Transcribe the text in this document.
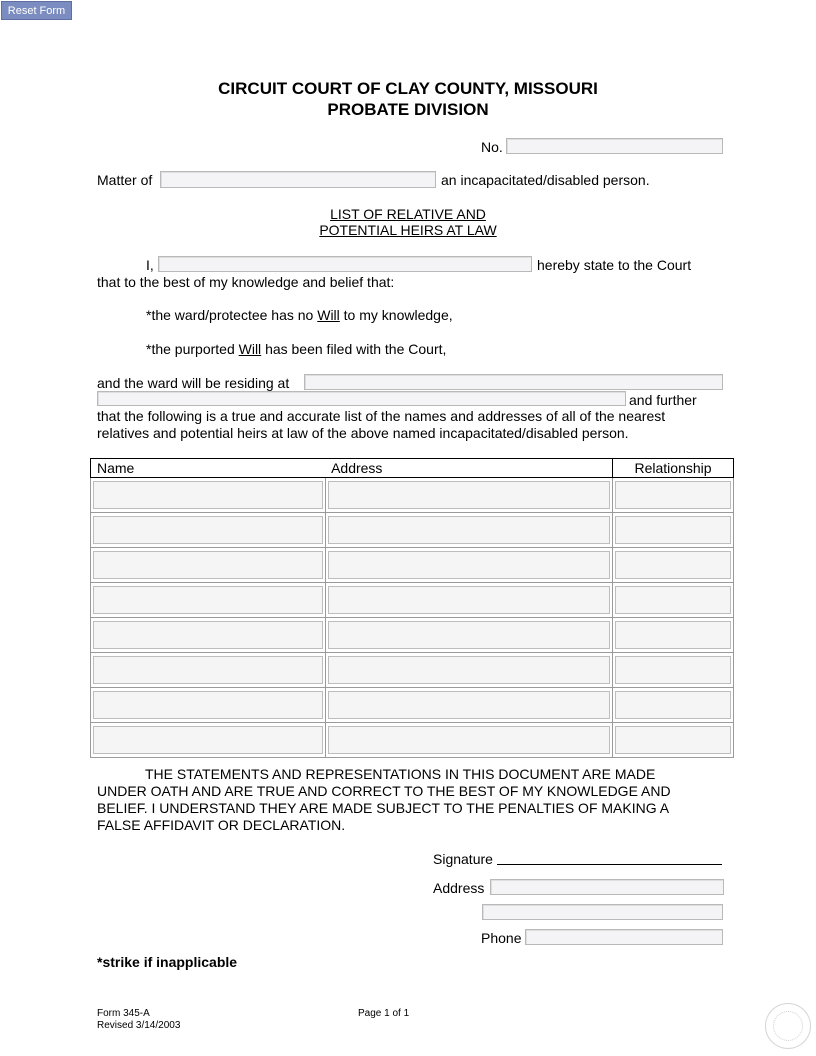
Reset Form
CIRCUIT COURT OF CLAY COUNTY, MISSOURI
PROBATE DIVISION
No.
Matter of	an incapacitated/disabled person.
LIST OF RELATIVE AND
POTENTIAL HEIRS AT LAW
I,	hereby state to the Court
that to the best of my knowledge and belief that:
*the ward/protectee has no Will to my knowledge,
*the purported Will has been filed with the Court,
and the ward will be residing at
and further
that the following is a true and accurate list of the names and addresses of all of the nearest
relatives and potential heirs at law of the above named incapacitated/disabled person.
Name	Address	Relationship

THE STATEMENTS AND REPRESENTATIONS IN THIS DOCUMENT ARE MADE
UNDER OATH AND ARE TRUE AND CORRECT TO THE BEST OF MY KNOWLEDGE AND
BELIEF. I UNDERSTAND THEY ARE MADE SUBJECT TO THE PENALTIES OF MAKING A
FALSE AFFIDAVIT OR DECLARATION.
Signature
Address
Phone
*strike if inapplicable
Form 345-A
Revised 3/14/2003
Page 1 of 1
